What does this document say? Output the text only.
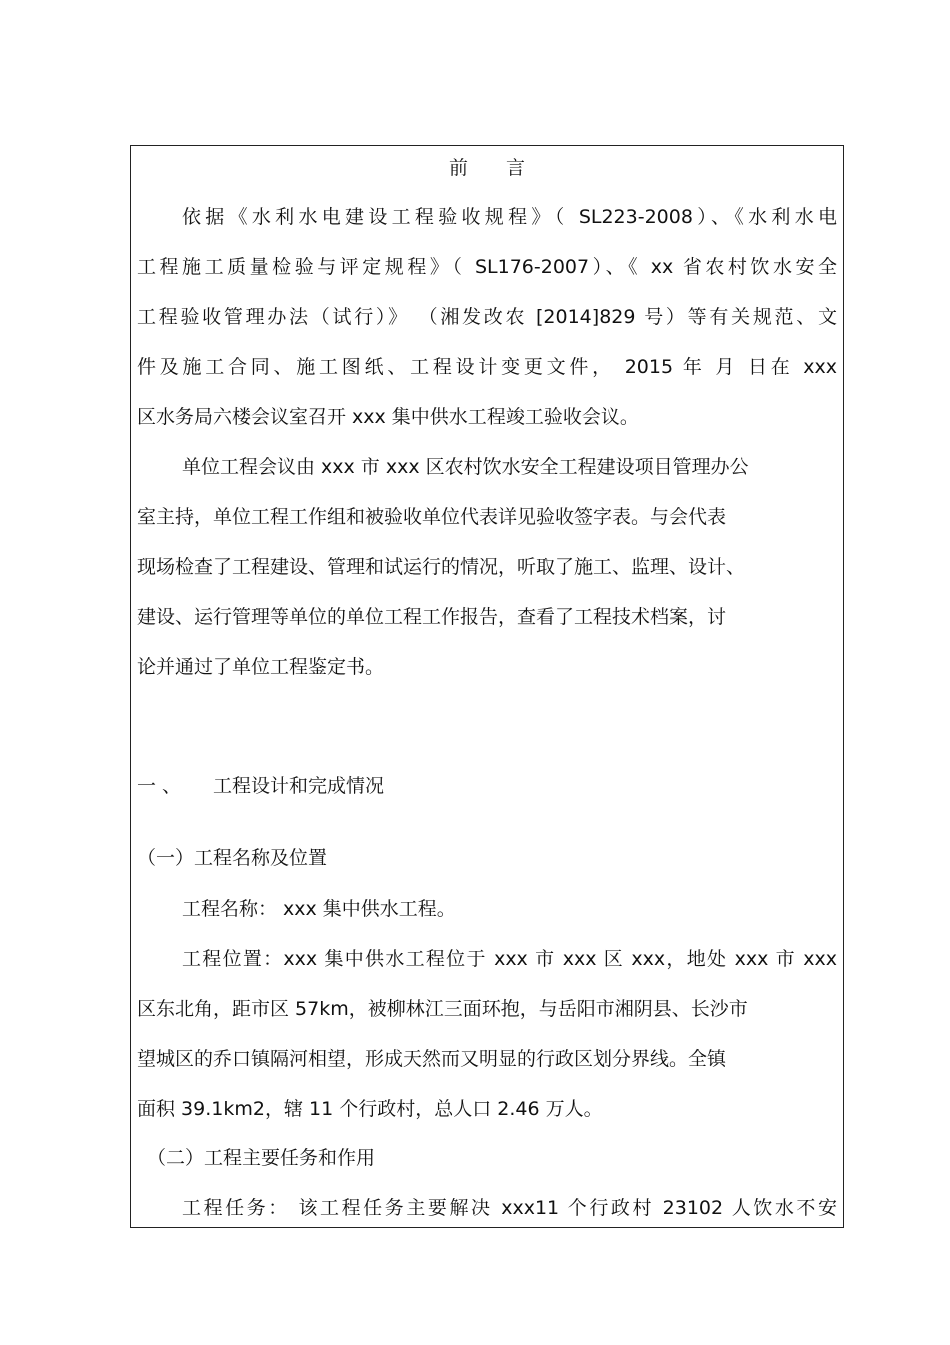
前 言

依据《水利水电建设工程验收规程》（ SL223-2008）、《水利水电

工程施工质量检验与评定规程》（ SL176-2007）、《 xx 省农村饮水安全

工程验收管理办法（试行）》 （湘发改农 [2014]829 号）等有关规范、文

件及施工合同、施工图纸、工程设计变更文件， 2015 年 月 日在 xxx

区水务局六楼会议室召开 xxx 集中供水工程竣工验收会议。

单位工程会议由 xxx 市 xxx 区农村饮水安全工程建设项目管理办公

室主持，单位工程工作组和被验收单位代表详见验收签字表。与会代表

现场检查了工程建设、管理和试运行的情况，听取了施工、监理、设计、

建设、运行管理等单位的单位工程工作报告，查看了工程技术档案，讨

论并通过了单位工程鉴定书。

一 、 工程设计和完成情况

（一）工程名称及位置

工程名称： xxx 集中供水工程。

工程位置：xxx 集中供水工程位于 xxx 市 xxx 区 xxx，地处 xxx 市 xxx

区东北角，距市区 57km，被柳林江三面环抱，与岳阳市湘阴县、长沙市

望城区的乔口镇隔河相望，形成天然而又明显的行政区划分界线。全镇

面积 39.1km2，辖 11 个行政村，总人口 2.46 万人。

（二）工程主要任务和作用

工程任务： 该工程任务主要解决 xxx11 个行政村 23102 人饮水不安
